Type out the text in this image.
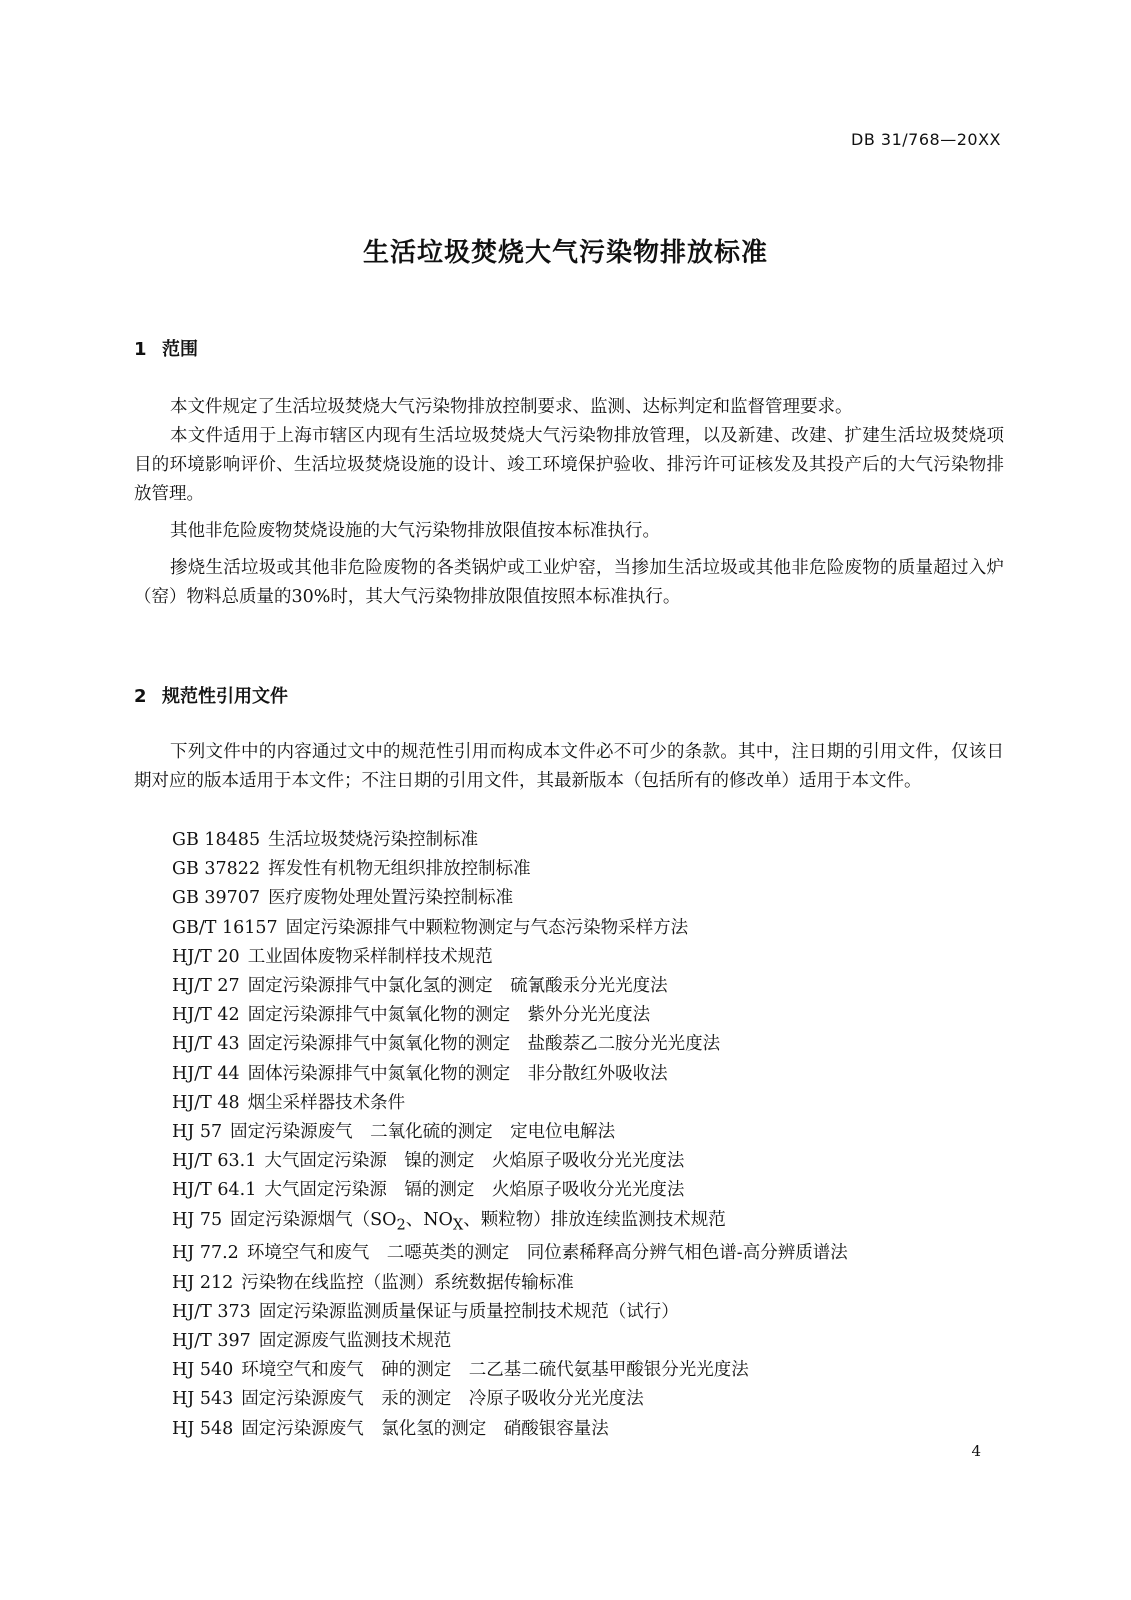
DB 31/768—20XX
生活垃圾焚烧大气污染物排放标准
1 范围

本文件规定了生活垃圾焚烧大气污染物排放控制要求、监测、达标判定和监督管理要求。

本文件适用于上海市辖区内现有生活垃圾焚烧大气污染物排放管理，以及新建、改建、扩建生活垃圾焚烧项目的环境影响评价、生活垃圾焚烧设施的设计、竣工环境保护验收、排污许可证核发及其投产后的大气污染物排放管理。

其他非危险废物焚烧设施的大气污染物排放限值按本标准执行。

掺烧生活垃圾或其他非危险废物的各类锅炉或工业炉窑，当掺加生活垃圾或其他非危险废物的质量超过入炉（窑）物料总质量的30%时，其大气污染物排放限值按照本标准执行。

2 规范性引用文件

下列文件中的内容通过文中的规范性引用而构成本文件必不可少的条款。其中，注日期的引用文件，仅该日期对应的版本适用于本文件；不注日期的引用文件，其最新版本（包括所有的修改单）适用于本文件。

GB 18485 生活垃圾焚烧污染控制标准
GB 37822 挥发性有机物无组织排放控制标准
GB 39707 医疗废物处理处置污染控制标准
GB/T 16157 固定污染源排气中颗粒物测定与气态污染物采样方法
HJ/T 20 工业固体废物采样制样技术规范
HJ/T 27 固定污染源排气中氯化氢的测定　硫氰酸汞分光光度法
HJ/T 42 固定污染源排气中氮氧化物的测定　紫外分光光度法
HJ/T 43 固定污染源排气中氮氧化物的测定　盐酸萘乙二胺分光光度法
HJ/T 44 固体污染源排气中氮氧化物的测定　非分散红外吸收法
HJ/T 48 烟尘采样器技术条件
HJ 57 固定污染源废气　二氧化硫的测定　定电位电解法
HJ/T 63.1 大气固定污染源　镍的测定　火焰原子吸收分光光度法
HJ/T 64.1 大气固定污染源　镉的测定　火焰原子吸收分光光度法
HJ 75 固定污染源烟气（$SO_2$、$NO_X$、颗粒物）排放连续监测技术规范
HJ 77.2 环境空气和废气　二噁英类的测定　同位素稀释高分辨气相色谱-高分辨质谱法
HJ 212 污染物在线监控（监测）系统数据传输标准
HJ/T 373 固定污染源监测质量保证与质量控制技术规范（试行）
HJ/T 397 固定源废气监测技术规范
HJ 540 环境空气和废气　砷的测定　二乙基二硫代氨基甲酸银分光光度法
HJ 543 固定污染源废气　汞的测定　冷原子吸收分光光度法
HJ 548 固定污染源废气　氯化氢的测定　硝酸银容量法
4
